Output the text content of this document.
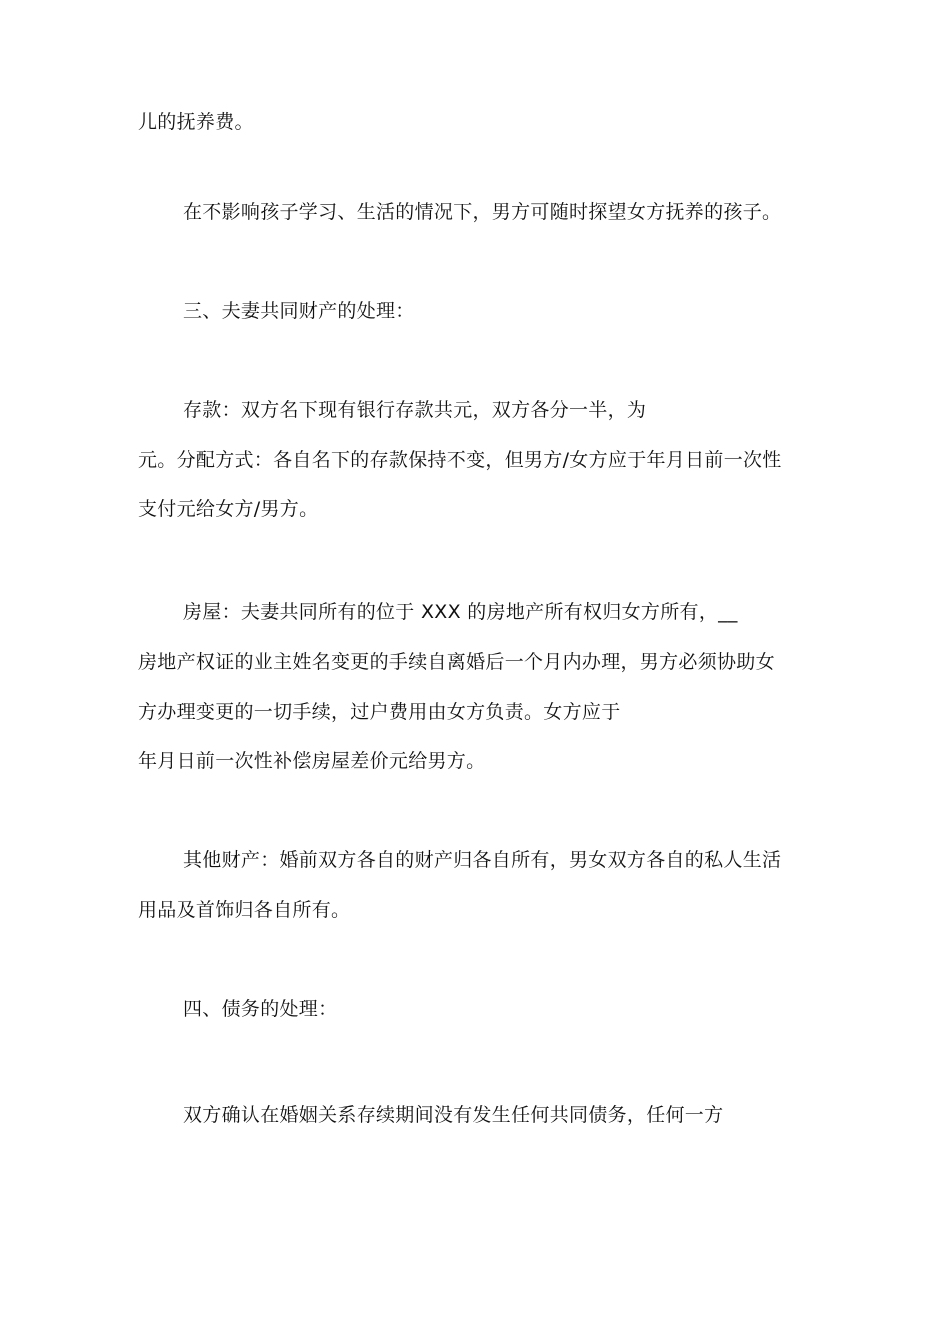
儿的抚养费。
在不影响孩子学习、生活的情况下，男方可随时探望女方抚养的孩子。
三、夫妻共同财产的处理：
存款：双方名下现有银行存款共元，双方各分一半，为
元。分配方式：各自名下的存款保持不变，但男方/女方应于年月日前一次性
支付元给女方/男方。
房屋：夫妻共同所有的位于 XXX 的房地产所有权归女方所有，__
房地产权证的业主姓名变更的手续自离婚后一个月内办理，男方必须协助女
方办理变更的一切手续，过户费用由女方负责。女方应于
年月日前一次性补偿房屋差价元给男方。
其他财产：婚前双方各自的财产归各自所有，男女双方各自的私人生活
用品及首饰归各自所有。
四、债务的处理：
双方确认在婚姻关系存续期间没有发生任何共同债务，任何一方
